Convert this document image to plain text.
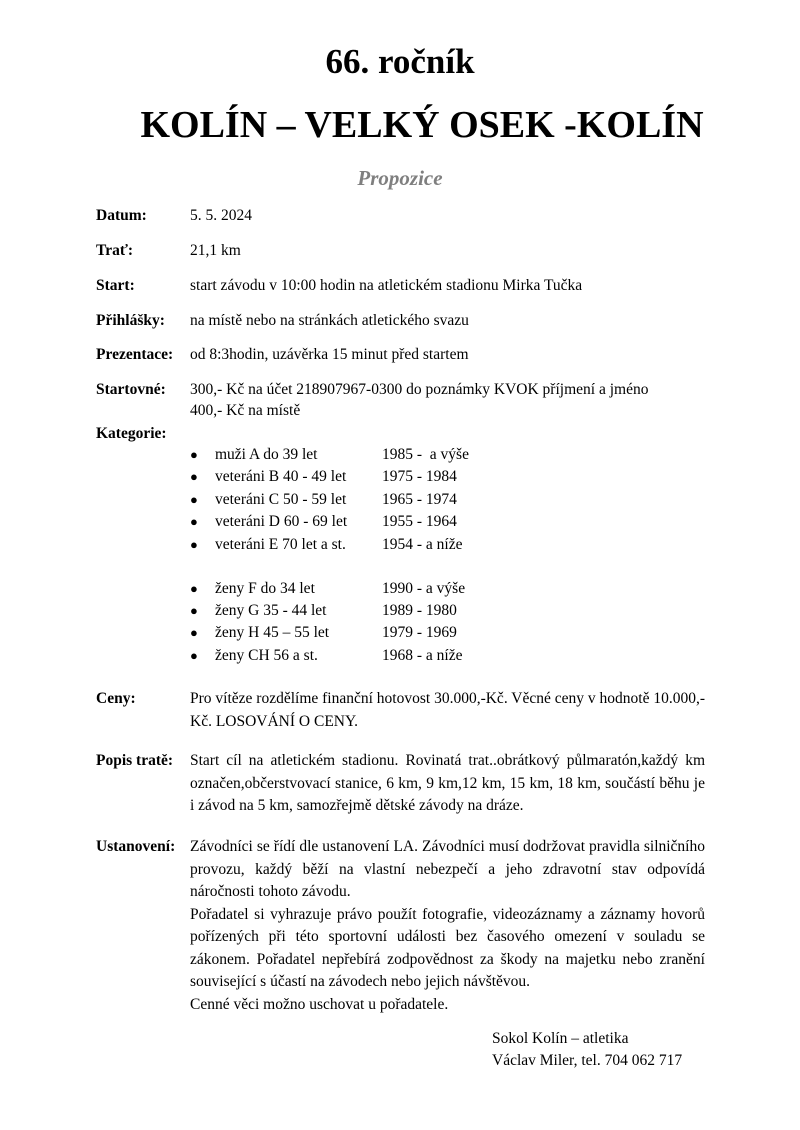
66. ročník
KOLÍN – VELKÝ OSEK -KOLÍN
Propozice
Datum:	5. 5. 2024
Trať:	21,1 km
Start:	start závodu v 10:00 hodin na atletickém stadionu Mirka Tučka
Přihlášky: na místě nebo na stránkách atletického svazu
Prezentace: od 8:3hodin, uzávěrka 15 minut před startem
Startovné: 300,- Kč na účet 218907967-0300 do poznámky KVOK příjmení a jméno
400,- Kč na místě
Kategorie:
● muži A do 39 let	1985 -  a výše
● veteráni B 40 - 49 let 1975 - 1984
● veteráni C 50 - 59 let 1965 - 1974
● veteráni D 60 - 69 let 1955 - 1964
● veteráni E 70 let a st. 1954 - a níže
● ženy F do 34 let	1990 - a výše
● ženy G 35 - 44 let	1989 - 1980
● ženy H 45 – 55 let	1979 - 1969
● ženy CH 56 a st.	1968 - a níže
Ceny:	Pro vítěze rozdělíme finanční hotovost 30.000,-Kč. Věcné ceny v hodnotě 10.000,-Kč. LOSOVÁNÍ O CENY.
Popis tratě: Start cíl na atletickém stadionu. Rovinatá trat..obrátkový půlmaratón,každý km označen,občerstvovací stanice, 6 km, 9 km,12 km, 15 km, 18 km, součástí běhu je i závod na 5 km, samozřejmě dětské závody na dráze.
Ustanovení: Závodníci se řídí dle ustanovení LA. Závodníci musí dodržovat pravidla silničního provozu, každý běží na vlastní nebezpečí a jeho zdravotní stav odpovídá náročnosti tohoto závodu.

Pořadatel si vyhrazuje právo použít fotografie, videozáznamy a záznamy hovorů pořízených při této sportovní události bez časového omezení v souladu se zákonem. Pořadatel nepřebírá zodpovědnost za škody na majetku nebo zranění související s účastí na závodech nebo jejich návštěvou.

Cenné věci možno uschovat u pořadatele.

Sokol Kolín – atletika
Václav Miler, tel. 704 062 717
